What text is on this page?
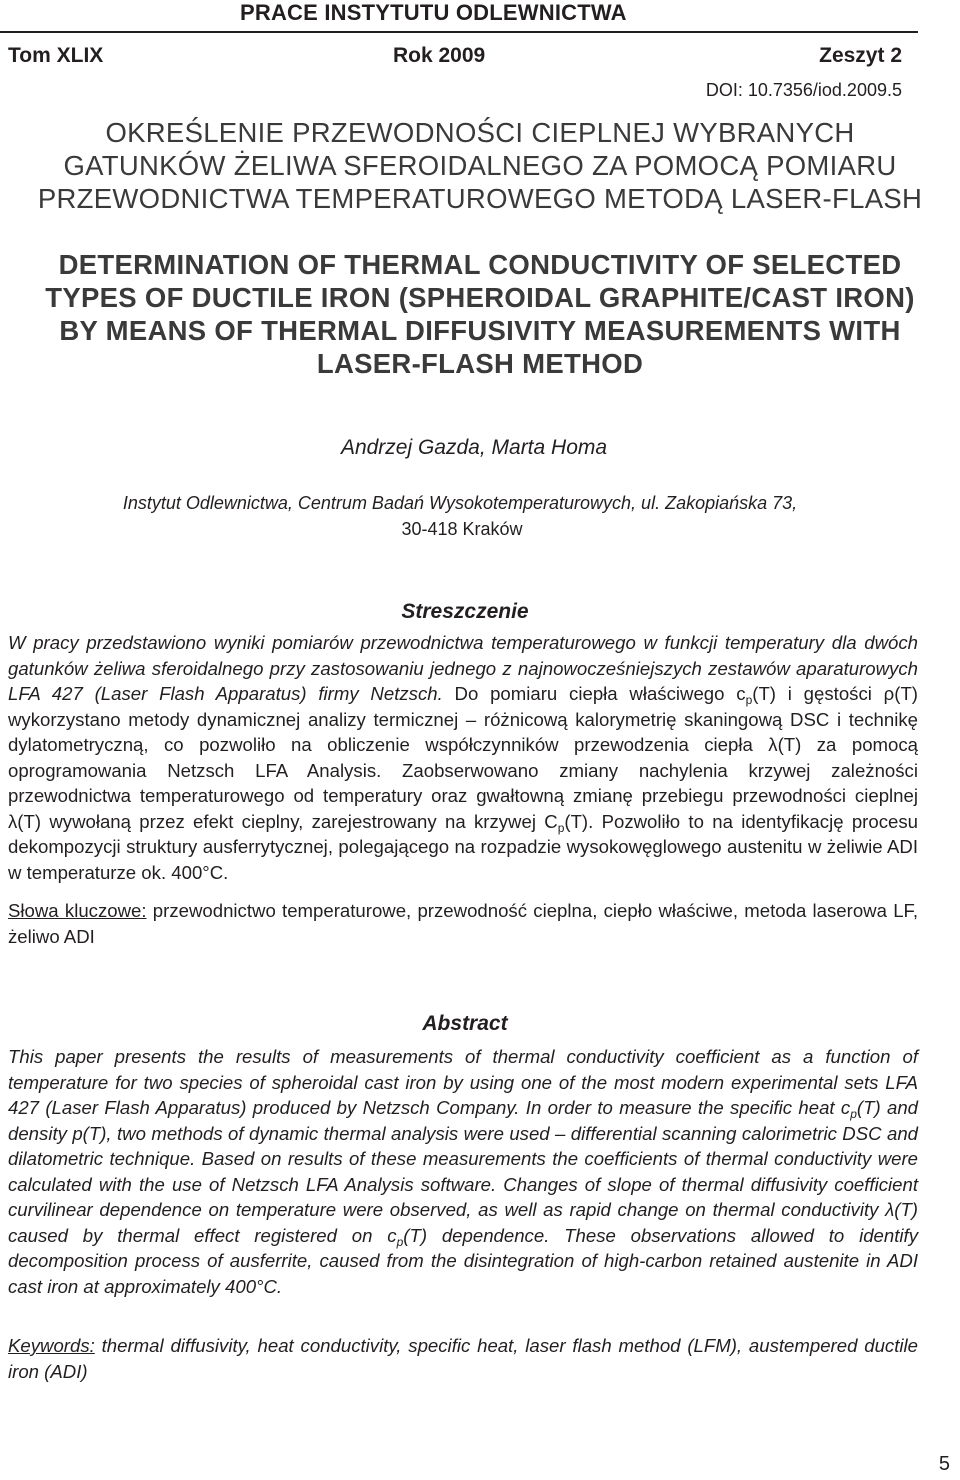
PRACE INSTYTUTU ODLEWNICTWA
Tom XLIX	Rok 2009	Zeszyt 2
DOI: 10.7356/iod.2009.5
OKREŚLENIE PRZEWODNOŚCI CIEPLNEJ WYBRANYCH
GATUNKÓW ŻELIWA SFEROIDALNEGO ZA POMOCĄ POMIARU
PRZEWODNICTWA TEMPERATUROWEGO METODĄ LASER-FLASH
DETERMINATION OF THERMAL CONDUCTIVITY OF SELECTED
TYPES OF DUCTILE IRON (SPHEROIDAL GRAPHITE/CAST IRON)
BY MEANS OF THERMAL DIFFUSIVITY MEASUREMENTS WITH
LASER-FLASH METHOD
Andrzej Gazda, Marta Homa
Instytut Odlewnictwa, Centrum Badań Wysokotemperaturowych, ul. Zakopiańska 73,
30-418 Kraków
Streszczenie

W pracy przedstawiono wyniki pomiarów przewodnictwa temperaturowego w funkcji temperatury dla dwóch gatunków żeliwa sferoidalnego przy zastosowaniu jednego z najnowocześniejszych zestawów aparaturowych LFA 427 (Laser Flash Apparatus) firmy Netzsch. Do pomiaru ciepła właściwego $c_p(T)$ i gęstości ρ(T) wykorzystano metody dynamicznej analizy termicznej – różnicową kalorymetrię skaningową DSC i technikę dylatometryczną, co pozwoliło na obliczenie współczynników przewodzenia ciepła λ(T) za pomocą oprogramowania Netzsch LFA Analysis. Zaobserwowano zmiany nachylenia krzywej zależności przewodnictwa temperaturowego od temperatury oraz gwałtowną zmianę przebiegu przewodności cieplnej λ(T) wywołaną przez efekt cieplny, zarejestrowany na krzywej $C_p(T)$. Pozwoliło to na identyfikację procesu dekompozycji struktury ausferrytycznej, polegającego na rozpadzie wysokowęglowego austenitu w żeliwie ADI w temperaturze ok. 400°C.

Słowa kluczowe: przewodnictwo temperaturowe, przewodność cieplna, ciepło właściwe, metoda laserowa LF, żeliwo ADI

Abstract

This paper presents the results of measurements of thermal conductivity coefficient as a function of temperature for two species of spheroidal cast iron by using one of the most modern experimental sets LFA 427 (Laser Flash Apparatus) produced by Netzsch Company. In order to measure the specific heat $c_p(T)$ and density p(T), two methods of dynamic thermal analysis were used – differential scanning calorimetric DSC and dilatometric technique. Based on results of these measurements the coefficients of thermal conductivity were calculated with the use of Netzsch LFA Analysis software. Changes of slope of thermal diffusivity coefficient curvilinear dependence on temperature were observed, as well as rapid change on thermal conductivity λ(T) caused by thermal effect registered on $c_p(T)$ dependence. These observations allowed to identify decomposition process of ausferrite, caused from the disintegration of high-carbon retained austenite in ADI cast iron at approximately 400°C.

Keywords: thermal diffusivity, heat conductivity, specific heat, laser flash method (LFM), austempered ductile iron (ADI)

5
